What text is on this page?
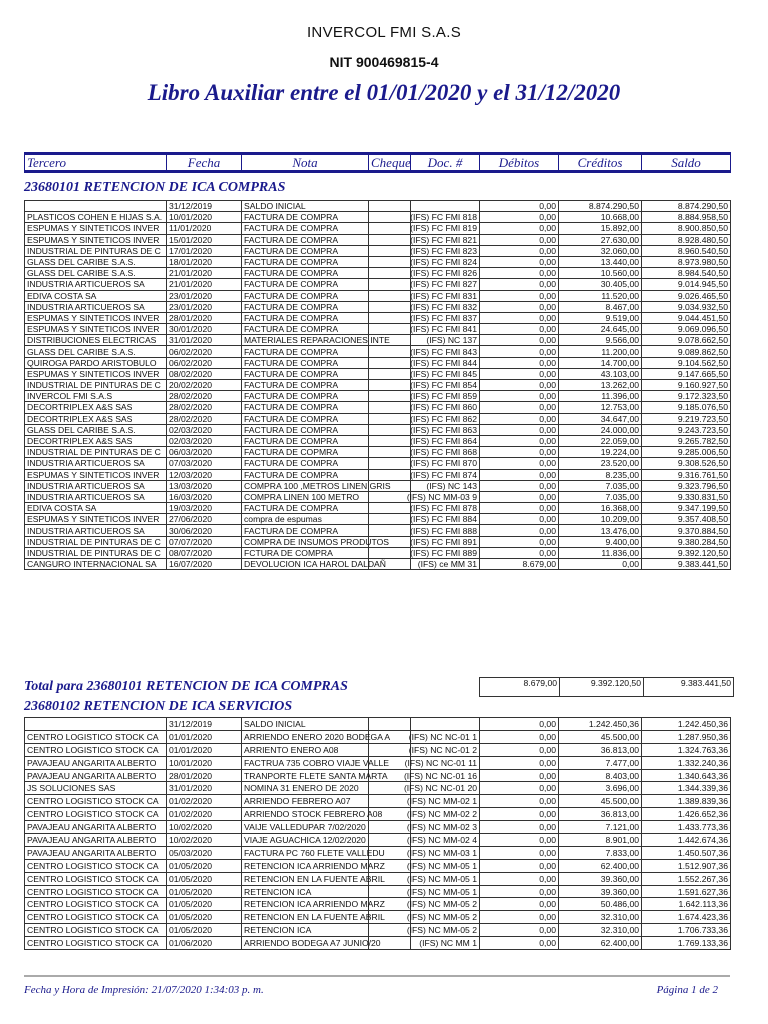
INVERCOL FMI S.A.S
NIT 900469815-4
Libro Auxiliar entre el 01/01/2020 y el 31/12/2020
Tercero	Fecha	Nota	Cheque	Doc. #	Débitos	Créditos	Saldo
23680101 RETENCION DE ICA COMPRAS
	31/12/2019	SALDO INICIAL			0,00	8.874.290,50	8.874.290,50
PLASTICOS COHEN E HIJAS S.A.	10/01/2020	FACTURA DE COMPRA		(IFS) FC FMI 818	0,00	10.668,00	8.884.958,50
ESPUMAS Y SINTETICOS INVER	11/01/2020	FACTURA DE COMPRA		(IFS) FC FMI 819	0,00	15.892,00	8.900.850,50
ESPUMAS Y SINTETICOS INVER	15/01/2020	FACTURA DE COMPRA		(IFS) FC FMI 821	0,00	27.630,00	8.928.480,50
INDUSTRIAL DE PINTURAS DE C	17/01/2020	FACTURA DE COMPRA		(IFS) FC FMI 823	0,00	32.060,00	8.960.540,50
GLASS DEL CARIBE S.A.S.	18/01/2020	FACTURA DE COMPRA		(IFS) FC FMI 824	0,00	13.440,00	8.973.980,50
GLASS DEL CARIBE S.A.S.	21/01/2020	FACTURA DE COMPRA		(IFS) FC FMI 826	0,00	10.560,00	8.984.540,50
INDUSTRIA ARTICUEROS SA	21/01/2020	FACTURA DE COMPRA		(IFS) FC FMI 827	0,00	30.405,00	9.014.945,50
EDIVA COSTA SA	23/01/2020	FACTURA DE COMPRA		(IFS) FC FMI 831	0,00	11.520,00	9.026.465,50
INDUSTRIA ARTICUEROS SA	23/01/2020	FACTURA DE COMPRA		(IFS) FC FMI 832	0,00	8.467,00	9.034.932,50
ESPUMAS Y SINTETICOS INVER	28/01/2020	FACTURA DE COMPRA		(IFS) FC FMI 837	0,00	9.519,00	9.044.451,50
ESPUMAS Y SINTETICOS INVER	30/01/2020	FACTURA DE COMPRA		(IFS) FC FMI 841	0,00	24.645,00	9.069.096,50
DISTRIBUCIONES ELECTRICAS	31/01/2020	MATERIALES REPARACIONES INTE		(IFS) NC 137	0,00	9.566,00	9.078.662,50
GLASS DEL CARIBE S.A.S.	06/02/2020	FACTURA DE COMPRA		(IFS) FC FMI 843	0,00	11.200,00	9.089.862,50
QUIROGA PARDO ARISTOBULO	06/02/2020	FACTURA DE COMPRA		(IFS) FC FMI 844	0,00	14.700,00	9.104.562,50
ESPUMAS Y SINTETICOS INVER	08/02/2020	FACTURA DE COMPRA		(IFS) FC FMI 845	0,00	43.103,00	9.147.665,50
INDUSTRIAL DE PINTURAS DE C	20/02/2020	FACTURA DE COMPRA		(IFS) FC FMI 854	0,00	13.262,00	9.160.927,50
INVERCOL FMI S.A.S	28/02/2020	FACTURA DE COMPRA		(IFS) FC FMI 859	0,00	11.396,00	9.172.323,50
DECORTRIPLEX A&S SAS	28/02/2020	FACTURA DE COMPRA		(IFS) FC FMI 860	0,00	12.753,00	9.185.076,50
DECORTRIPLEX A&S SAS	28/02/2020	FACTURA DE COMPRA		(IFS) FC FMI 862	0,00	34.647,00	9.219.723,50
GLASS DEL CARIBE S.A.S.	02/03/2020	FACTURA DE COMPRA		(IFS) FC FMI 863	0,00	24.000,00	9.243.723,50
DECORTRIPLEX A&S SAS	02/03/2020	FACTURA DE COMPRA		(IFS) FC FMI 864	0,00	22.059,00	9.265.782,50
INDUSTRIAL DE PINTURAS DE C	06/03/2020	FACTURA DE COPMRA		(IFS) FC FMI 868	0,00	19.224,00	9.285.006,50
INDUSTRIA ARTICUEROS SA	07/03/2020	FACTURA DE COMPRA		(IFS) FC FMI 870	0,00	23.520,00	9.308.526,50
ESPUMAS Y SINTETICOS INVER	12/03/2020	FACTURA DE COMPRA		(IFS) FC FMI 874	0,00	8.235,00	9.316.761,50
INDUSTRIA ARTICUEROS SA	13/03/2020	COMPRA 100 ,METROS LINEN GRIS		(IFS) NC 143	0,00	7.035,00	9.323.796,50
INDUSTRIA ARTICUEROS SA	16/03/2020	COMPRA LINEN 100 METRO		(IFS) NC MM-03 9	0,00	7.035,00	9.330.831,50
EDIVA COSTA SA	19/03/2020	FACTURA DE COMPRA		(IFS) FC FMI 878	0,00	16.368,00	9.347.199,50
ESPUMAS Y SINTETICOS INVER	27/06/2020	compra de espumas		(IFS) FC FMI 884	0,00	10.209,00	9.357.408,50
INDUSTRIA ARTICUEROS SA	30/06/2020	FACTURA DE COMPRA		(IFS) FC FMI 888	0,00	13.476,00	9.370.884,50
INDUSTRIAL DE PINTURAS DE C	07/07/2020	COMPRA DE INSUMOS PRODUTOS		(IFS) FC FMI 891	0,00	9.400,00	9.380.284,50
INDUSTRIAL DE PINTURAS DE C	08/07/2020	FCTURA DE COMPRA		(IFS) FC FMI 889	0,00	11.836,00	9.392.120,50
CANGURO INTERNACIONAL SA	16/07/2020	DEVOLUCION ICA HAROL DALDAÑ		(IFS) ce MM 31	8.679,00	0,00	9.383.441,50
Total para 23680101 RETENCION DE ICA COMPRAS	8.679,00	9.392.120,50	9.383.441,50
23680102 RETENCION DE ICA SERVICIOS
	31/12/2019	SALDO INICIAL			0,00	1.242.450,36	1.242.450,36
CENTRO LOGISTICO STOCK CA	01/01/2020	ARRIENDO ENERO 2020 BODEGA A		(IFS) NC NC-01 1	0,00	45.500,00	1.287.950,36
CENTRO LOGISTICO STOCK CA	01/01/2020	ARRIENTO ENERO A08		(IFS) NC NC-01 2	0,00	36.813,00	1.324.763,36
PAVAJEAU ANGARITA ALBERTO	10/01/2020	FACTRUA 735 COBRO VIAJE VALLE		(IFS) NC NC-01 11	0,00	7.477,00	1.332.240,36
PAVAJEAU ANGARITA ALBERTO	28/01/2020	TRANPORTE FLETE SANTA MARTA		(IFS) NC NC-01 16	0,00	8.403,00	1.340.643,36
JS SOLUCIONES SAS	31/01/2020	NOMINA 31 ENERO DE 2020		(IFS) NC NC-01 20	0,00	3.696,00	1.344.339,36
CENTRO LOGISTICO STOCK CA	01/02/2020	ARRIENDO FEBRERO A07		(IFS) NC MM-02 1	0,00	45.500,00	1.389.839,36
CENTRO LOGISTICO STOCK CA	01/02/2020	ARRIENDO STOCK FEBRERO A08		(IFS) NC MM-02 2	0,00	36.813,00	1.426.652,36
PAVAJEAU ANGARITA ALBERTO	10/02/2020	VAIJE VALLEDUPAR 7/02/2020		(IFS) NC MM-02 3	0,00	7.121,00	1.433.773,36
PAVAJEAU ANGARITA ALBERTO	10/02/2020	VIAJE AGUACHICA 12/02/2020		(IFS) NC MM-02 4	0,00	8.901,00	1.442.674,36
PAVAJEAU ANGARITA ALBERTO	05/03/2020	FACTURA PC 760 FLETE VALLEDU		(IFS) NC MM-03 1	0,00	7.833,00	1.450.507,36
CENTRO LOGISTICO STOCK CA	01/05/2020	RETENCION ICA ARRIENDO MARZ		(IFS) NC MM-05 1	0,00	62.400,00	1.512.907,36
CENTRO LOGISTICO STOCK CA	01/05/2020	RETENCION EN LA FUENTE ABRIL		(IFS) NC MM-05 1	0,00	39.360,00	1.552.267,36
CENTRO LOGISTICO STOCK CA	01/05/2020	RETENCION ICA		(IFS) NC MM-05 1	0,00	39.360,00	1.591.627,36
CENTRO LOGISTICO STOCK CA	01/05/2020	RETENCION ICA ARRIENDO MARZ		(IFS) NC MM-05 2	0,00	50.486,00	1.642.113,36
CENTRO LOGISTICO STOCK CA	01/05/2020	RETENCION EN LA FUENTE ABRIL		(IFS) NC MM-05 2	0,00	32.310,00	1.674.423,36
CENTRO LOGISTICO STOCK CA	01/05/2020	RETENCION ICA		(IFS) NC MM-05 2	0,00	32.310,00	1.706.733,36
CENTRO LOGISTICO STOCK CA	01/06/2020	ARRIENDO BODEGA A7 JUNIO/20		(IFS) NC MM 1	0,00	62.400,00	1.769.133,36
Fecha y Hora de Impresión: 21/07/2020 1:34:03 p. m.	Página 1 de 2
